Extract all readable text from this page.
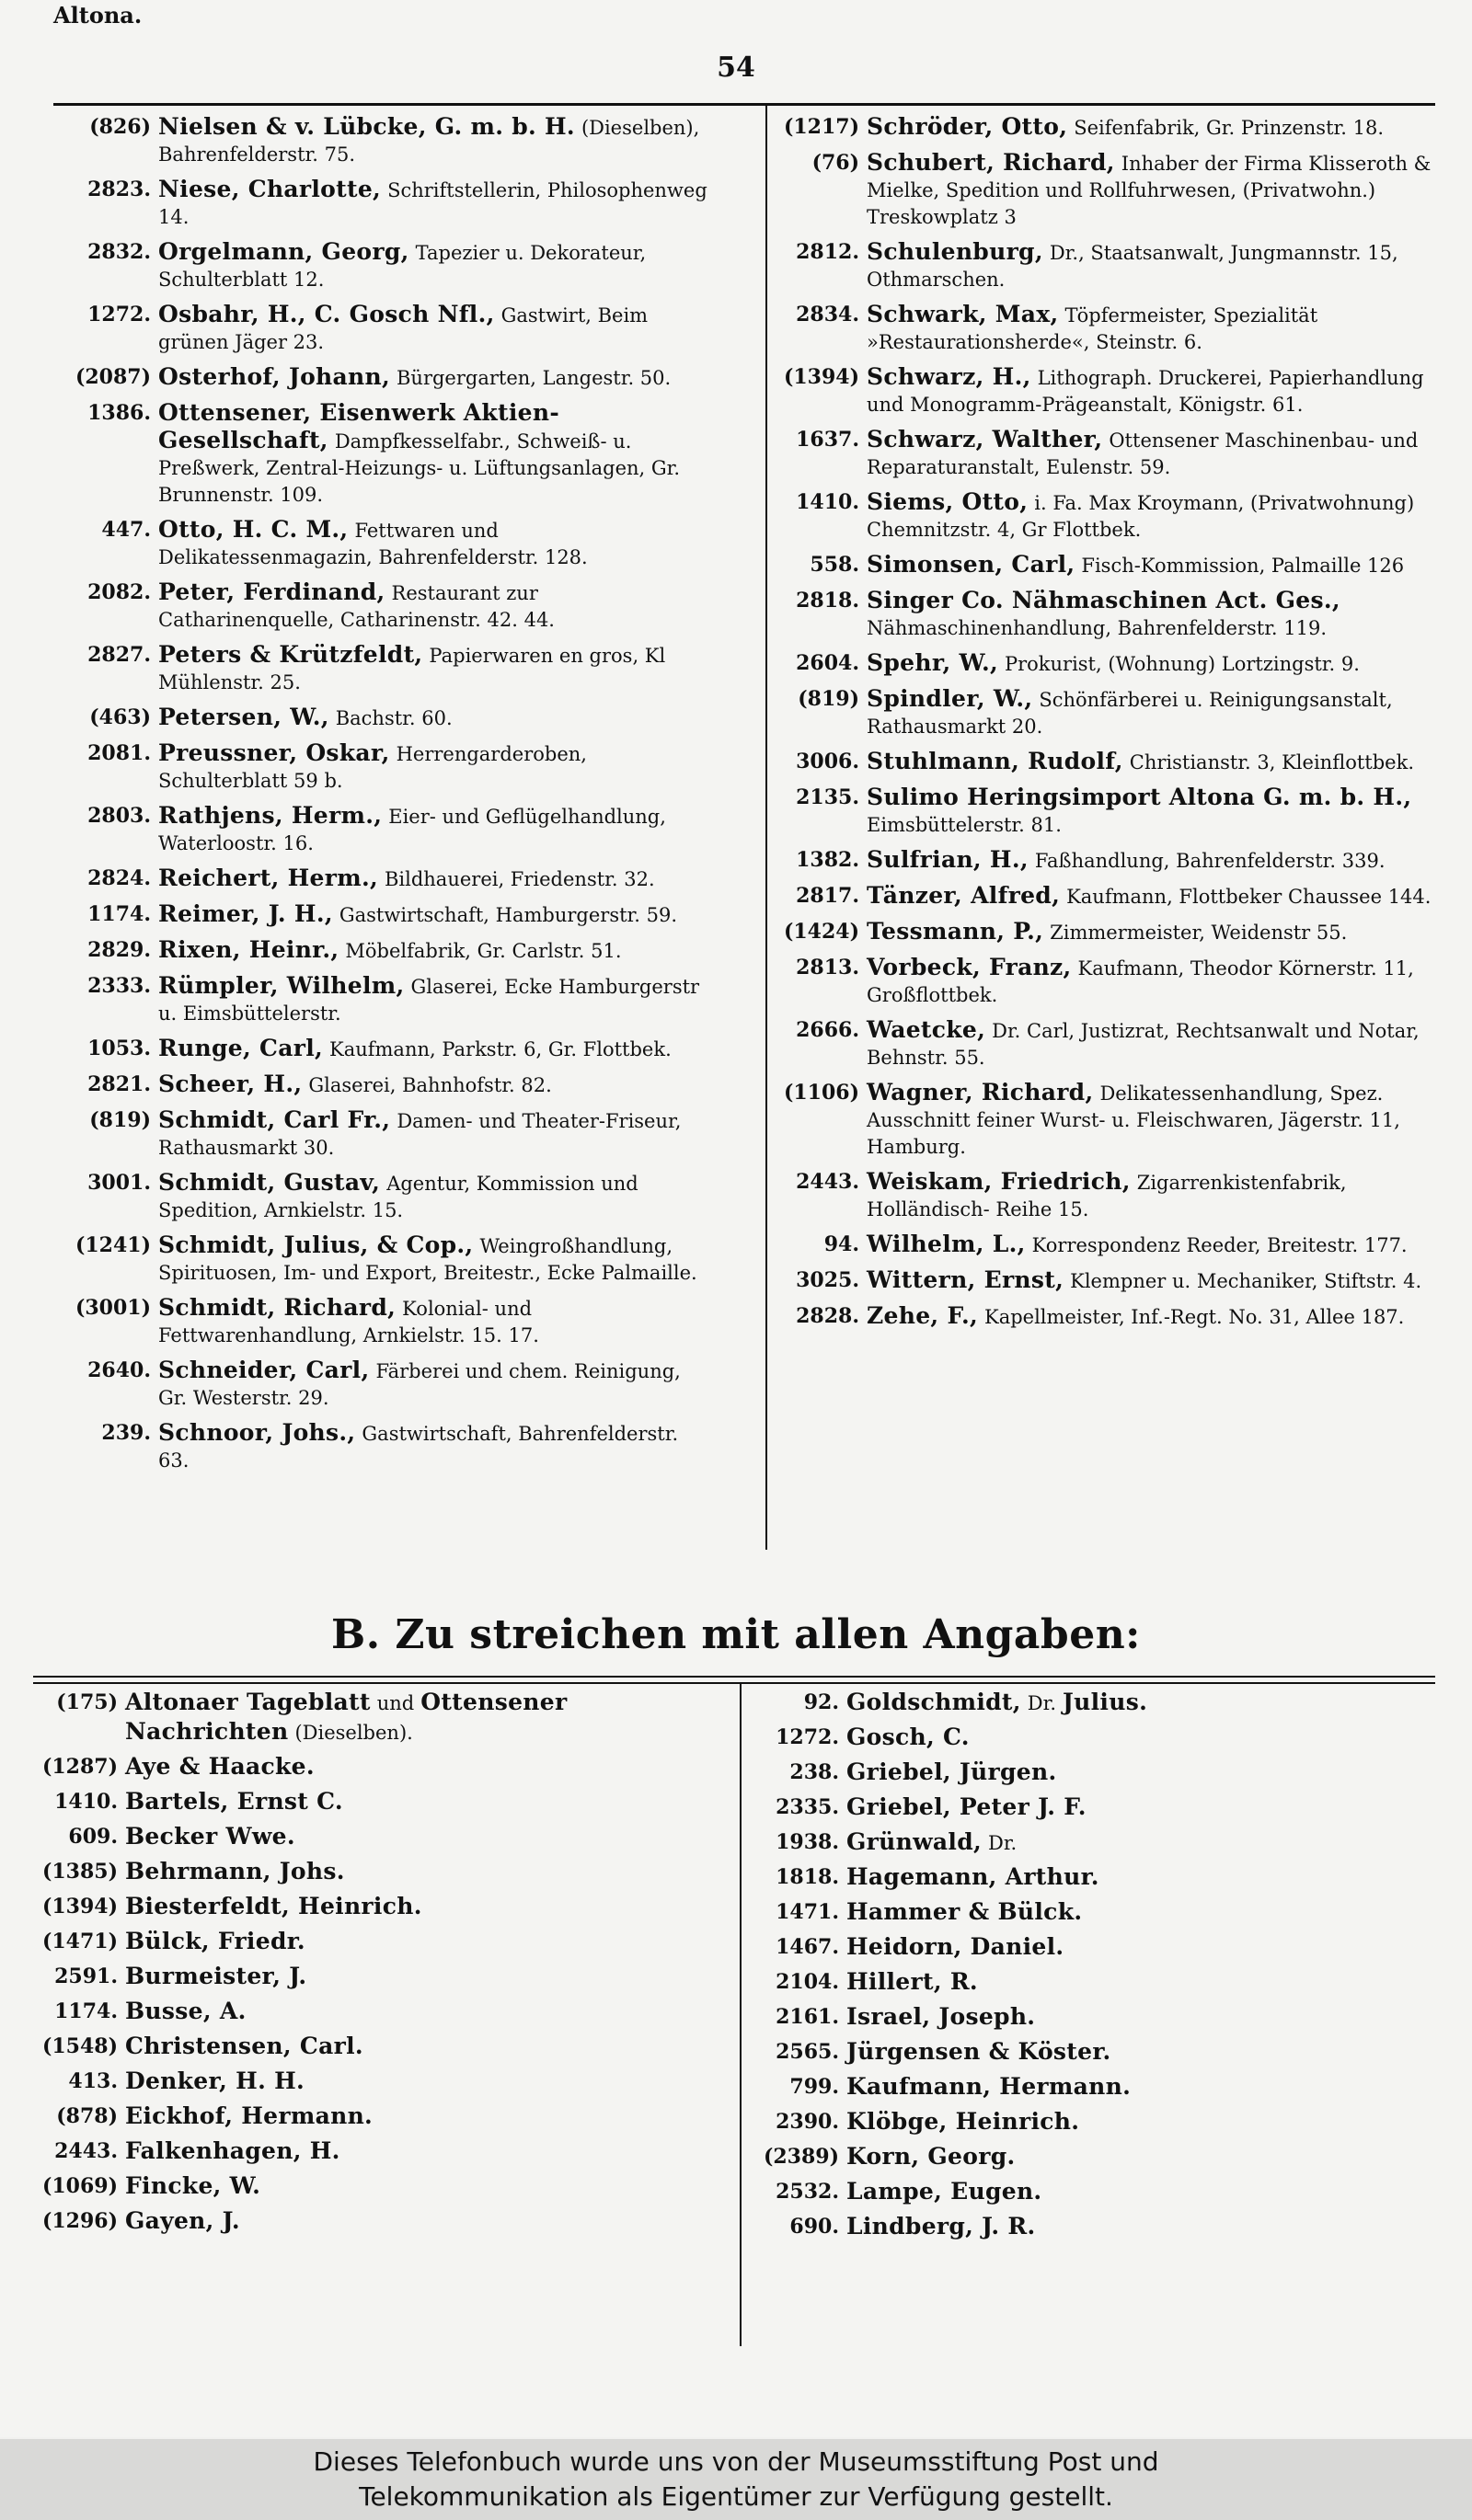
Altona.
54
(826) Nielsen & v. Lübcke, G. m. b. H. (Dieselben), Bahrenfelderstr. 75.
2823. Niese, Charlotte, Schriftstellerin, Philosophenweg 14.
2832. Orgelmann, Georg, Tapezier u. Dekorateur, Schulterblatt 12.
1272. Osbahr, H., C. Gosch Nfl., Gastwirt, Beim grünen Jäger 23.
(2087) Osterhof, Johann, Bürgergarten, Langestr. 50.
1386. Ottensener, Eisenwerk Aktien-Gesellschaft, Dampfkesselfabr., Schweiß- u. Preßwerk, Zentral-Heizungs- u. Lüftungsanlagen, Gr. Brunnenstr. 109.
447. Otto, H. C. M., Fettwaren und Delikatessenmagazin, Bahrenfelderstr. 128.
2082. Peter, Ferdinand, Restaurant zur Catharinenquelle, Catharinenstr. 42. 44.
2827. Peters & Krützfeldt, Papierwaren en gros, Kl Mühlenstr. 25.
(463) Petersen, W., Bachstr. 60.
2081. Preussner, Oskar, Herrengarderoben, Schulterblatt 59 b.
2803. Rathjens, Herm., Eier- und Geflügelhandlung, Waterloostr. 16.
2824. Reichert, Herm., Bildhauerei, Friedenstr. 32.
1174. Reimer, J. H., Gastwirtschaft, Hamburgerstr. 59.
2829. Rixen, Heinr., Möbelfabrik, Gr. Carlstr. 51.
2333. Rümpler, Wilhelm, Glaserei, Ecke Hamburgerstr u. Eimsbüttelerstr.
1053. Runge, Carl, Kaufmann, Parkstr. 6, Gr. Flottbek.
2821. Scheer, H., Glaserei, Bahnhofstr. 82.
(819) Schmidt, Carl Fr., Damen- und Theater-Friseur, Rathausmarkt 30.
3001. Schmidt, Gustav, Agentur, Kommission und Spedition, Arnkielstr. 15.
(1241) Schmidt, Julius, & Cop., Weingroßhandlung, Spirituosen, Im- und Export, Breitestr., Ecke Palmaille.
(3001) Schmidt, Richard, Kolonial- und Fettwarenhandlung, Arnkielstr. 15. 17.
2640. Schneider, Carl, Färberei und chem. Reinigung, Gr. Westerstr. 29.
239. Schnoor, Johs., Gastwirtschaft, Bahrenfelderstr. 63.
(1217) Schröder, Otto, Seifenfabrik, Gr. Prinzenstr. 18.
(76) Schubert, Richard, Inhaber der Firma Klisseroth & Mielke, Spedition und Rollfuhrwesen, (Privatwohn.) Treskowplatz 3
2812. Schulenburg, Dr., Staatsanwalt, Jungmannstr. 15, Othmarschen.
2834. Schwark, Max, Töpfermeister, Spezialität »Restaurationsherde«, Steinstr. 6.
(1394) Schwarz, H., Lithograph. Druckerei, Papierhandlung und Monogramm-Prägeanstalt, Königstr. 61.
1637. Schwarz, Walther, Ottensener Maschinenbau- und Reparaturanstalt, Eulenstr. 59.
1410. Siems, Otto, i. Fa. Max Kroymann, (Privatwohnung) Chemnitzstr. 4, Gr Flottbek.
558. Simonsen, Carl, Fisch-Kommission, Palmaille 126
2818. Singer Co. Nähmaschinen Act. Ges., Nähmaschinenhandlung, Bahrenfelderstr. 119.
2604. Spehr, W., Prokurist, (Wohnung) Lortzingstr. 9.
(819) Spindler, W., Schönfärberei u. Reinigungsanstalt, Rathausmarkt 20.
3006. Stuhlmann, Rudolf, Christianstr. 3, Kleinflottbek.
2135. Sulimo Heringsimport Altona G. m. b. H., Eimsbüttelerstr. 81.
1382. Sulfrian, H., Faßhandlung, Bahrenfelderstr. 339.
2817. Tänzer, Alfred, Kaufmann, Flottbeker Chaussee 144.
(1424) Tessmann, P., Zimmermeister, Weidenstr 55.
2813. Vorbeck, Franz, Kaufmann, Theodor Körnerstr. 11, Großflottbek.
2666. Waetcke, Dr. Carl, Justizrat, Rechtsanwalt und Notar, Behnstr. 55.
(1106) Wagner, Richard, Delikatessenhandlung, Spez. Ausschnitt feiner Wurst- u. Fleischwaren, Jägerstr. 11, Hamburg.
2443. Weiskam, Friedrich, Zigarrenkistenfabrik, Holländisch- Reihe 15.
94. Wilhelm, L., Korrespondenz Reeder, Breitestr. 177.
3025. Wittern, Ernst, Klempner u. Mechaniker, Stiftstr. 4.
2828. Zehe, F., Kapellmeister, Inf.-Regt. No. 31, Allee 187.
B. Zu streichen mit allen Angaben:
(175) Altonaer Tageblatt und Ottensener Nachrichten (Dieselben).
(1287) Aye & Haacke.
1410. Bartels, Ernst C.
609. Becker Wwe.
(1385) Behrmann, Johs.
(1394) Biesterfeldt, Heinrich.
(1471) Bülck, Friedr.
2591. Burmeister, J.
1174. Busse, A.
(1548) Christensen, Carl.
413. Denker, H. H.
(878) Eickhof, Hermann.
2443. Falkenhagen, H.
(1069) Fincke, W.
(1296) Gayen, J.
92. Goldschmidt, Dr. Julius.
1272. Gosch, C.
238. Griebel, Jürgen.
2335. Griebel, Peter J. F.
1938. Grünwald, Dr.
1818. Hagemann, Arthur.
1471. Hammer & Bülck.
1467. Heidorn, Daniel.
2104. Hillert, R.
2161. Israel, Joseph.
2565. Jürgensen & Köster.
799. Kaufmann, Hermann.
2390. Klöbge, Heinrich.
(2389) Korn, Georg.
2532. Lampe, Eugen.
690. Lindberg, J. R.
Dieses Telefonbuch wurde uns von der Museumsstiftung Post und
Telekommunikation als Eigentümer zur Verfügung gestellt.
